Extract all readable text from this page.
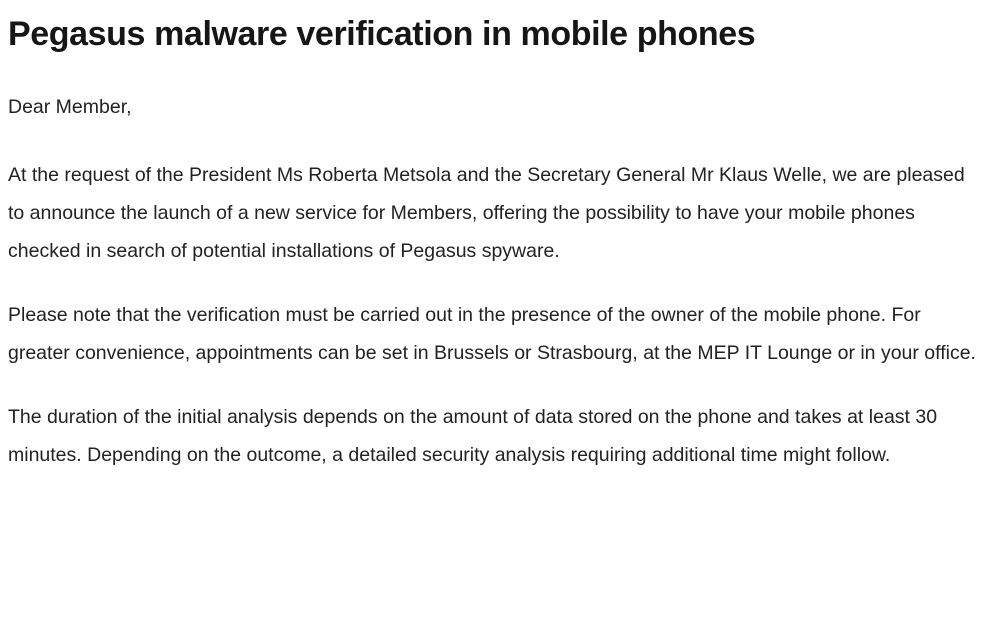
Pegasus malware verification in mobile phones

Dear Member,

At the request of the President Ms Roberta Metsola and the Secretary General Mr Klaus Welle, we are pleased to announce the launch of a new service for Members, offering the possibility to have your mobile phones checked in search of potential installations of Pegasus spyware.

Please note that the verification must be carried out in the presence of the owner of the mobile phone. For greater convenience, appointments can be set in Brussels or Strasbourg, at the MEP IT Lounge or in your office.

The duration of the initial analysis depends on the amount of data stored on the phone and takes at least 30 minutes. Depending on the outcome, a detailed security analysis requiring additional time might follow.
